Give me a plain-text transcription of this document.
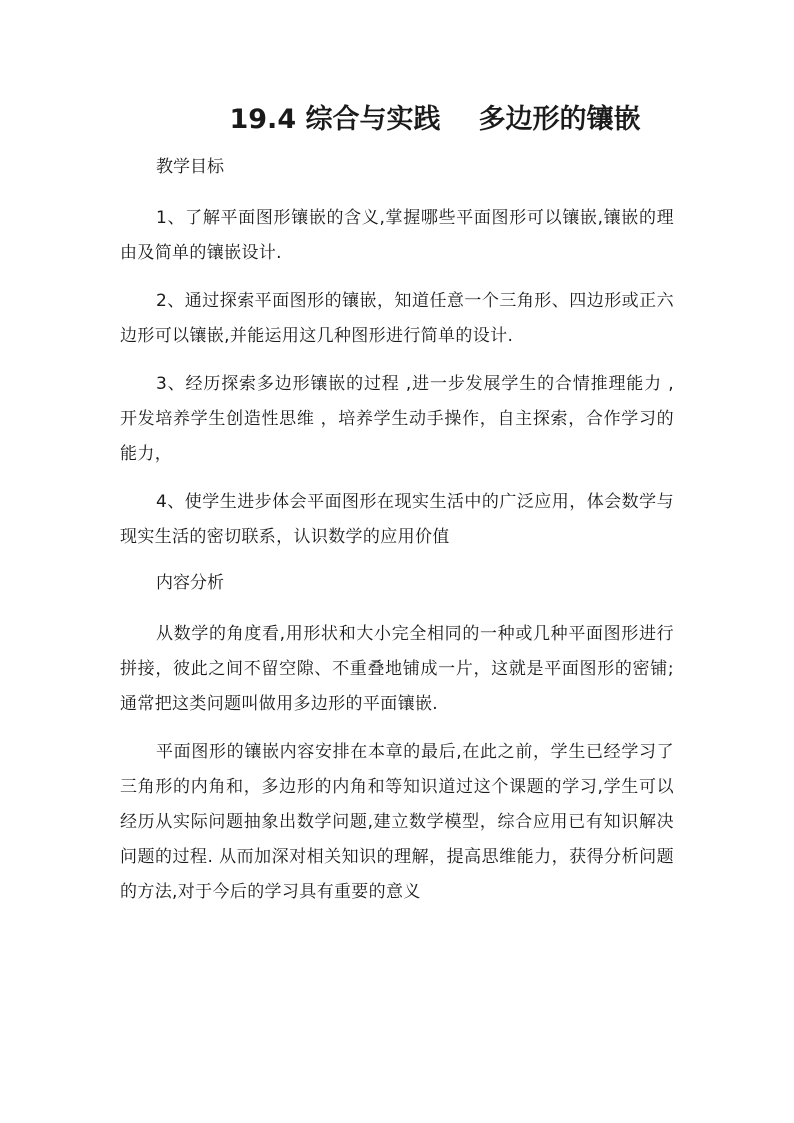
19.4 综合与实践 多边形的镶嵌
教学目标

1、了解平面图形镶嵌的含义,掌握哪些平面图形可以镶嵌,镶嵌的理由及简单的镶嵌设计.

2、通过探索平面图形的镶嵌，知道任意一个三角形、四边形或正六边形可以镶嵌,并能运用这几种图形进行简单的设计.

3、经历探索多边形镶嵌的过程 ,进一步发展学生的合情推理能力 ,开发培养学生创造性思维 ，培养学生动手操作，自主探索，合作学习的能力，

4、使学生进步体会平面图形在现实生活中的广泛应用，体会数学与现实生活的密切联系，认识数学的应用价值

内容分析

从数学的角度看,用形状和大小完全相同的一种或几种平面图形进行拼接，彼此之间不留空隙、不重叠地铺成一片，这就是平面图形的密铺;通常把这类问题叫做用多边形的平面镶嵌.

平面图形的镶嵌内容安排在本章的最后,在此之前，学生已经学习了三角形的内角和，多边形的内角和等知识道过这个课题的学习,学生可以经历从实际问题抽象出数学问题,建立数学模型，综合应用已有知识解决问题的过程. 从而加深对相关知识的理解，提高思维能力，获得分析问题的方法,对于今后的学习具有重要的意义
